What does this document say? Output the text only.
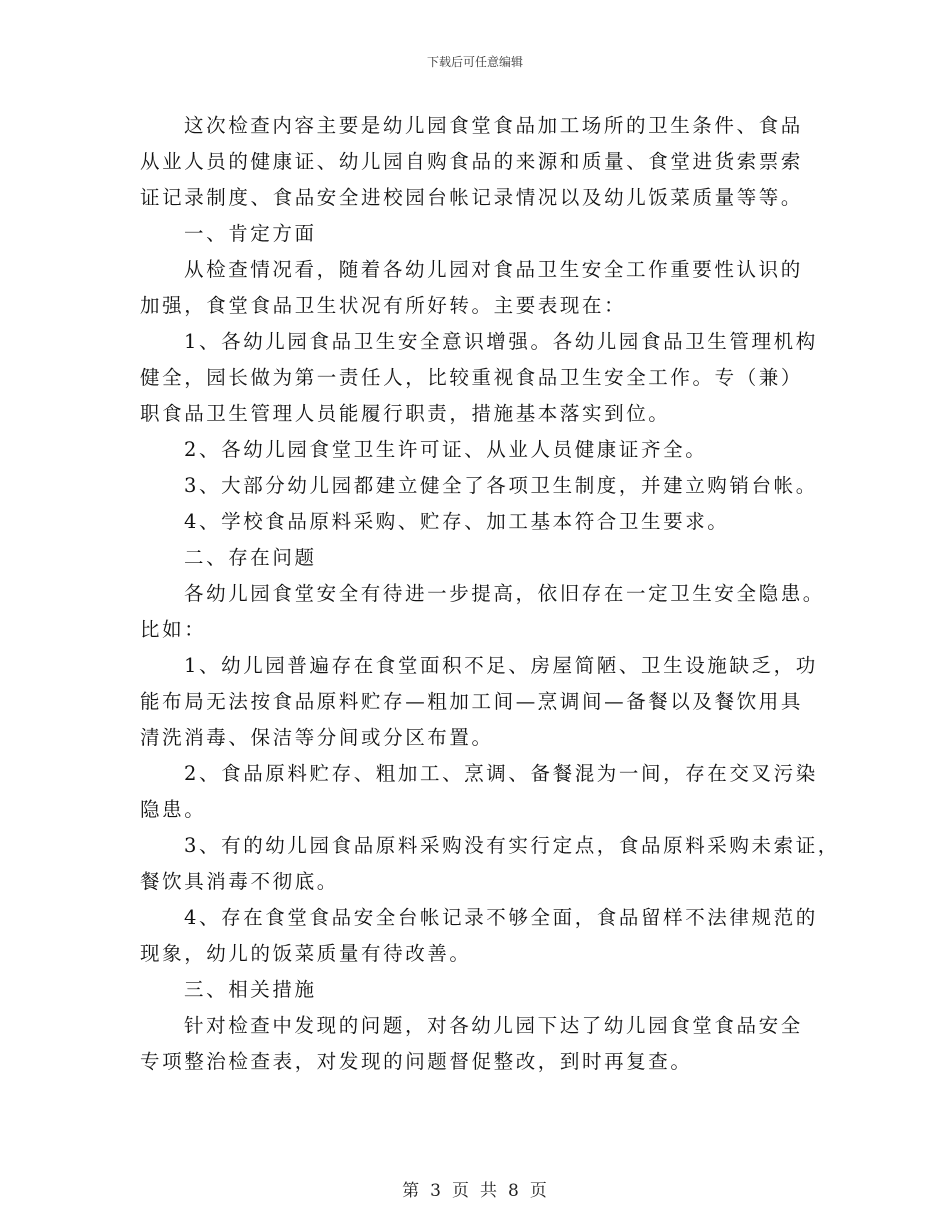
下载后可任意编辑
这次检查内容主要是幼儿园食堂食品加工场所的卫生条件、食品
从业人员的健康证、幼儿园自购食品的来源和质量、食堂进货索票索
证记录制度、食品安全进校园台帐记录情况以及幼儿饭菜质量等等。
一、肯定方面
从检查情况看，随着各幼儿园对食品卫生安全工作重要性认识的
加强，食堂食品卫生状况有所好转。主要表现在：
1、各幼儿园食品卫生安全意识增强。各幼儿园食品卫生管理机构
健全，园长做为第一责任人，比较重视食品卫生安全工作。专（兼）
职食品卫生管理人员能履行职责，措施基本落实到位。
2、各幼儿园食堂卫生许可证、从业人员健康证齐全。
3、大部分幼儿园都建立健全了各项卫生制度，并建立购销台帐。
4、学校食品原料采购、贮存、加工基本符合卫生要求。
二、存在问题
各幼儿园食堂安全有待进一步提高，依旧存在一定卫生安全隐患。
比如：
1、幼儿园普遍存在食堂面积不足、房屋简陋、卫生设施缺乏，功
能布局无法按食品原料贮存—粗加工间—烹调间—备餐以及餐饮用具
清洗消毒、保洁等分间或分区布置。
2、食品原料贮存、粗加工、烹调、备餐混为一间，存在交叉污染
隐患。
3、有的幼儿园食品原料采购没有实行定点，食品原料采购未索证，
餐饮具消毒不彻底。
4、存在食堂食品安全台帐记录不够全面，食品留样不法律规范的
现象，幼儿的饭菜质量有待改善。
三、相关措施
针对检查中发现的问题，对各幼儿园下达了幼儿园食堂食品安全
专项整治检查表，对发现的问题督促整改，到时再复查。
第 3 页 共 8 页
